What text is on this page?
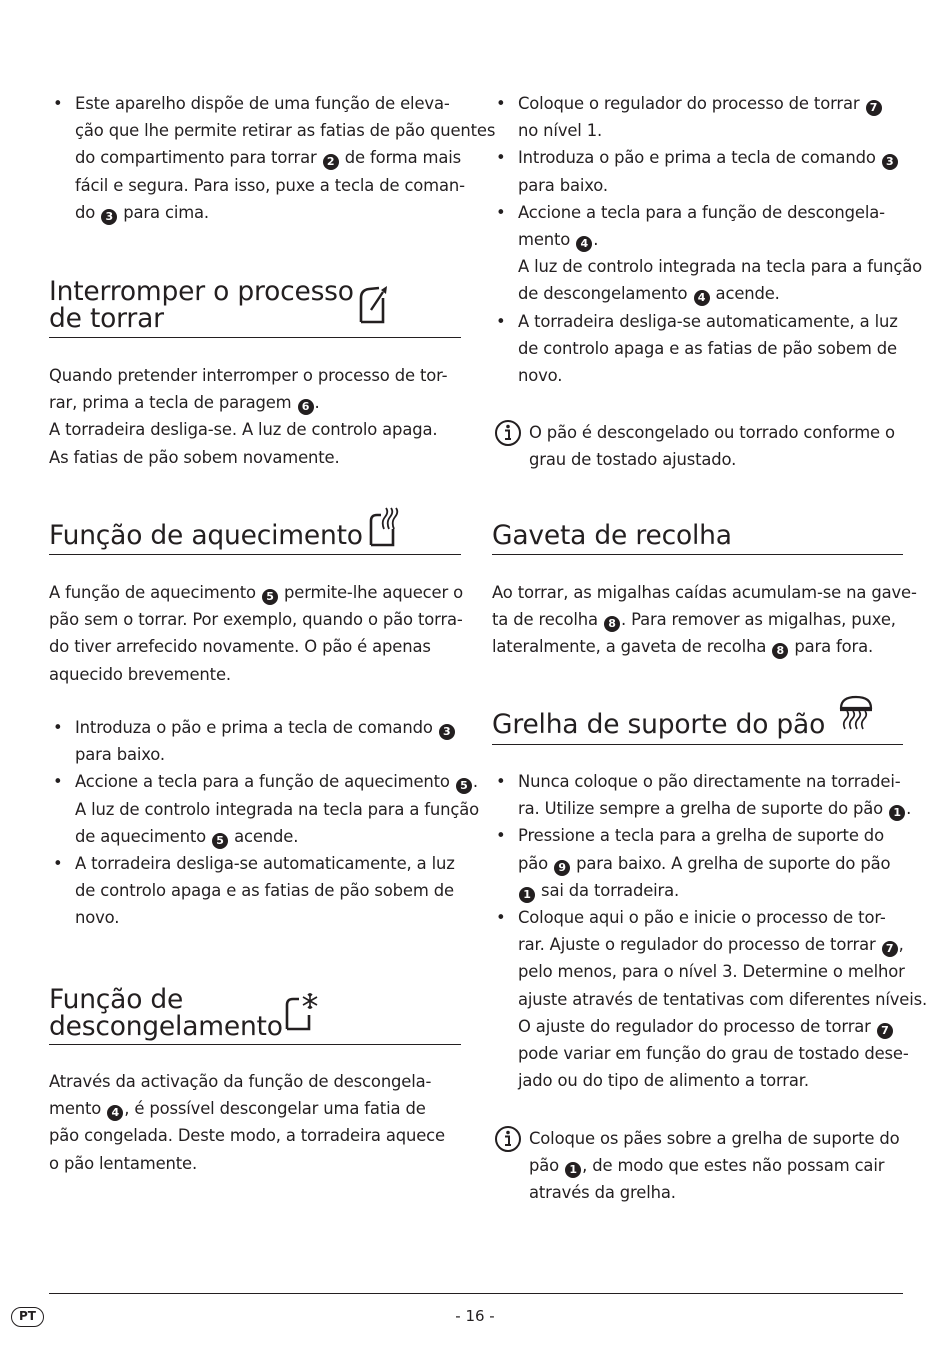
• Este aparelho dispõe de uma função de eleva-
ção que lhe permite retirar as fatias de pão quentes
do compartimento para torrar 2 de forma mais
fácil e segura. Para isso, puxe a tecla de coman-
do 3 para cima.
Interromper o processo
de torrar
Quando pretender interromper o processo de tor-
rar, prima a tecla de paragem 6 .
A torradeira desliga-se. A luz de controlo apaga.
As fatias de pão sobem novamente.
Função de aquecimento
A função de aquecimento 5 permite-lhe aquecer o
pão sem o torrar. Por exemplo, quando o pão torra-
do tiver arrefecido novamente. O pão é apenas
aquecido brevemente.
• Introduza o pão e prima a tecla de comando 3
para baixo.
• Accione a tecla para a função de aquecimento 5 .
A luz de controlo integrada na tecla para a função
de aquecimento 5 acende.
• A torradeira desliga-se automaticamente, a luz
de controlo apaga e as fatias de pão sobem de
novo.
Função de
descongelamento
Através da activação da função de descongela-
mento 4 , é possível descongelar uma fatia de
pão congelada. Deste modo, a torradeira aquece
o pão lentamente.
• Coloque o regulador do processo de torrar 7
no nível 1.
• Introduza o pão e prima a tecla de comando 3
para baixo.
• Accione a tecla para a função de descongela-
mento 4 .
A luz de controlo integrada na tecla para a função
de descongelamento 4 acende.
• A torradeira desliga-se automaticamente, a luz
de controlo apaga e as fatias de pão sobem de
novo.
O pão é descongelado ou torrado conforme o
grau de tostado ajustado.
Gaveta de recolha
Ao torrar, as migalhas caídas acumulam-se na gave-
ta de recolha 8 . Para remover as migalhas, puxe,
lateralmente, a gaveta de recolha 8 para fora.
Grelha de suporte do pão
• Nunca coloque o pão directamente na torradei-
ra. Utilize sempre a grelha de suporte do pão 1 .
• Pressione a tecla para a grelha de suporte do
pão 9 para baixo. A grelha de suporte do pão
1 sai da torradeira.
• Coloque aqui o pão e inicie o processo de tor-
rar. Ajuste o regulador do processo de torrar 7 ,
pelo menos, para o nível 3. Determine o melhor
ajuste através de tentativas com diferentes níveis.
O ajuste do regulador do processo de torrar 7
pode variar em função do grau de tostado dese-
jado ou do tipo de alimento a torrar.
Coloque os pães sobre a grelha de suporte do
pão 1 , de modo que estes não possam cair
através da grelha.
PT	- 16 -
